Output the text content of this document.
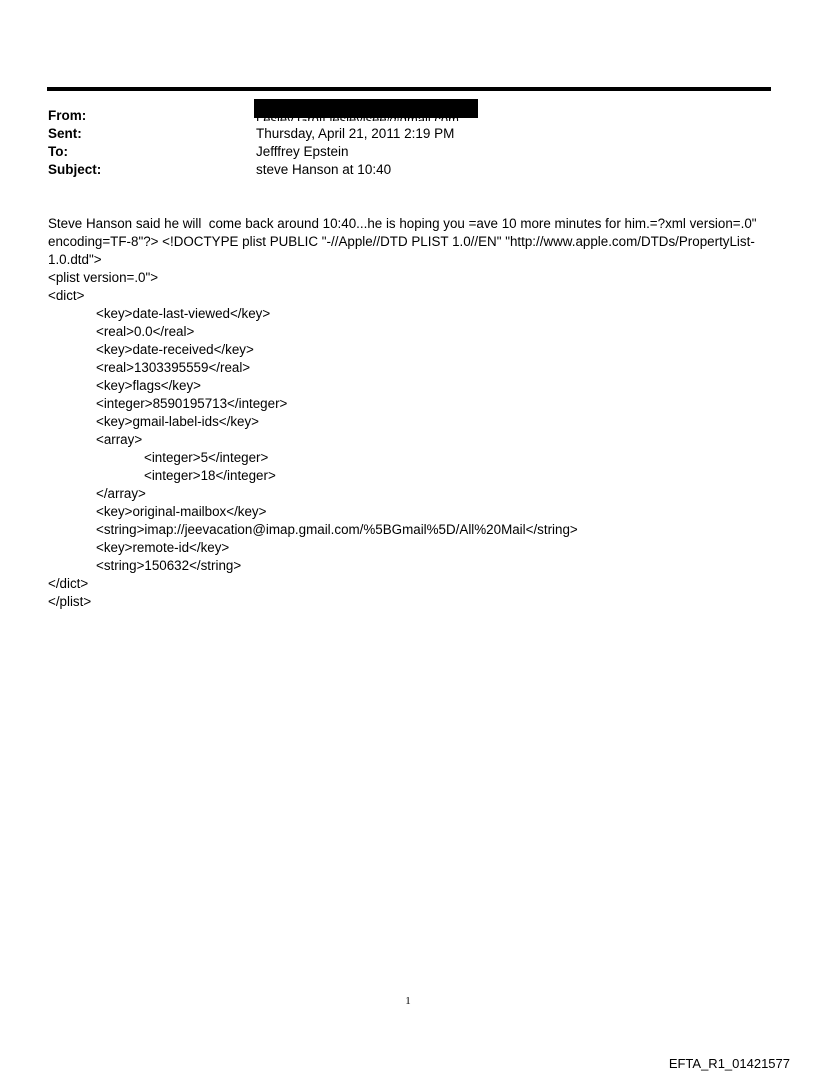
From:
Sent:	Thursday, April 21, 2011 2:19 PM
To:	Jefffrey Epstein
Subject:	steve Hanson at 10:40
Steve Hanson said he will  come back around 10:40...he is hoping you =ave 10 more minutes for him.=?xml version=.0"
encoding=TF-8"?> <!DOCTYPE plist PUBLIC "-//Apple//DTD PLIST 1.0//EN" "http://www.apple.com/DTDs/PropertyList-
1.0.dtd">
<plist version=.0">
<dict>
<key>date-last-viewed</key>
<real>0.0</real>
<key>date-received</key>
<real>1303395559</real>
<key>flags</key>
<integer>8590195713</integer>
<key>gmail-label-ids</key>
<array>
<integer>5</integer>
<integer>18</integer>
</array>
<key>original-mailbox</key>
<string>imap://jeevacation@imap.gmail.com/%5BGmail%5D/All%20Mail</string>
<key>remote-id</key>
<string>150632</string>
</dict>
</plist>
1
EFTA_R1_01421577
